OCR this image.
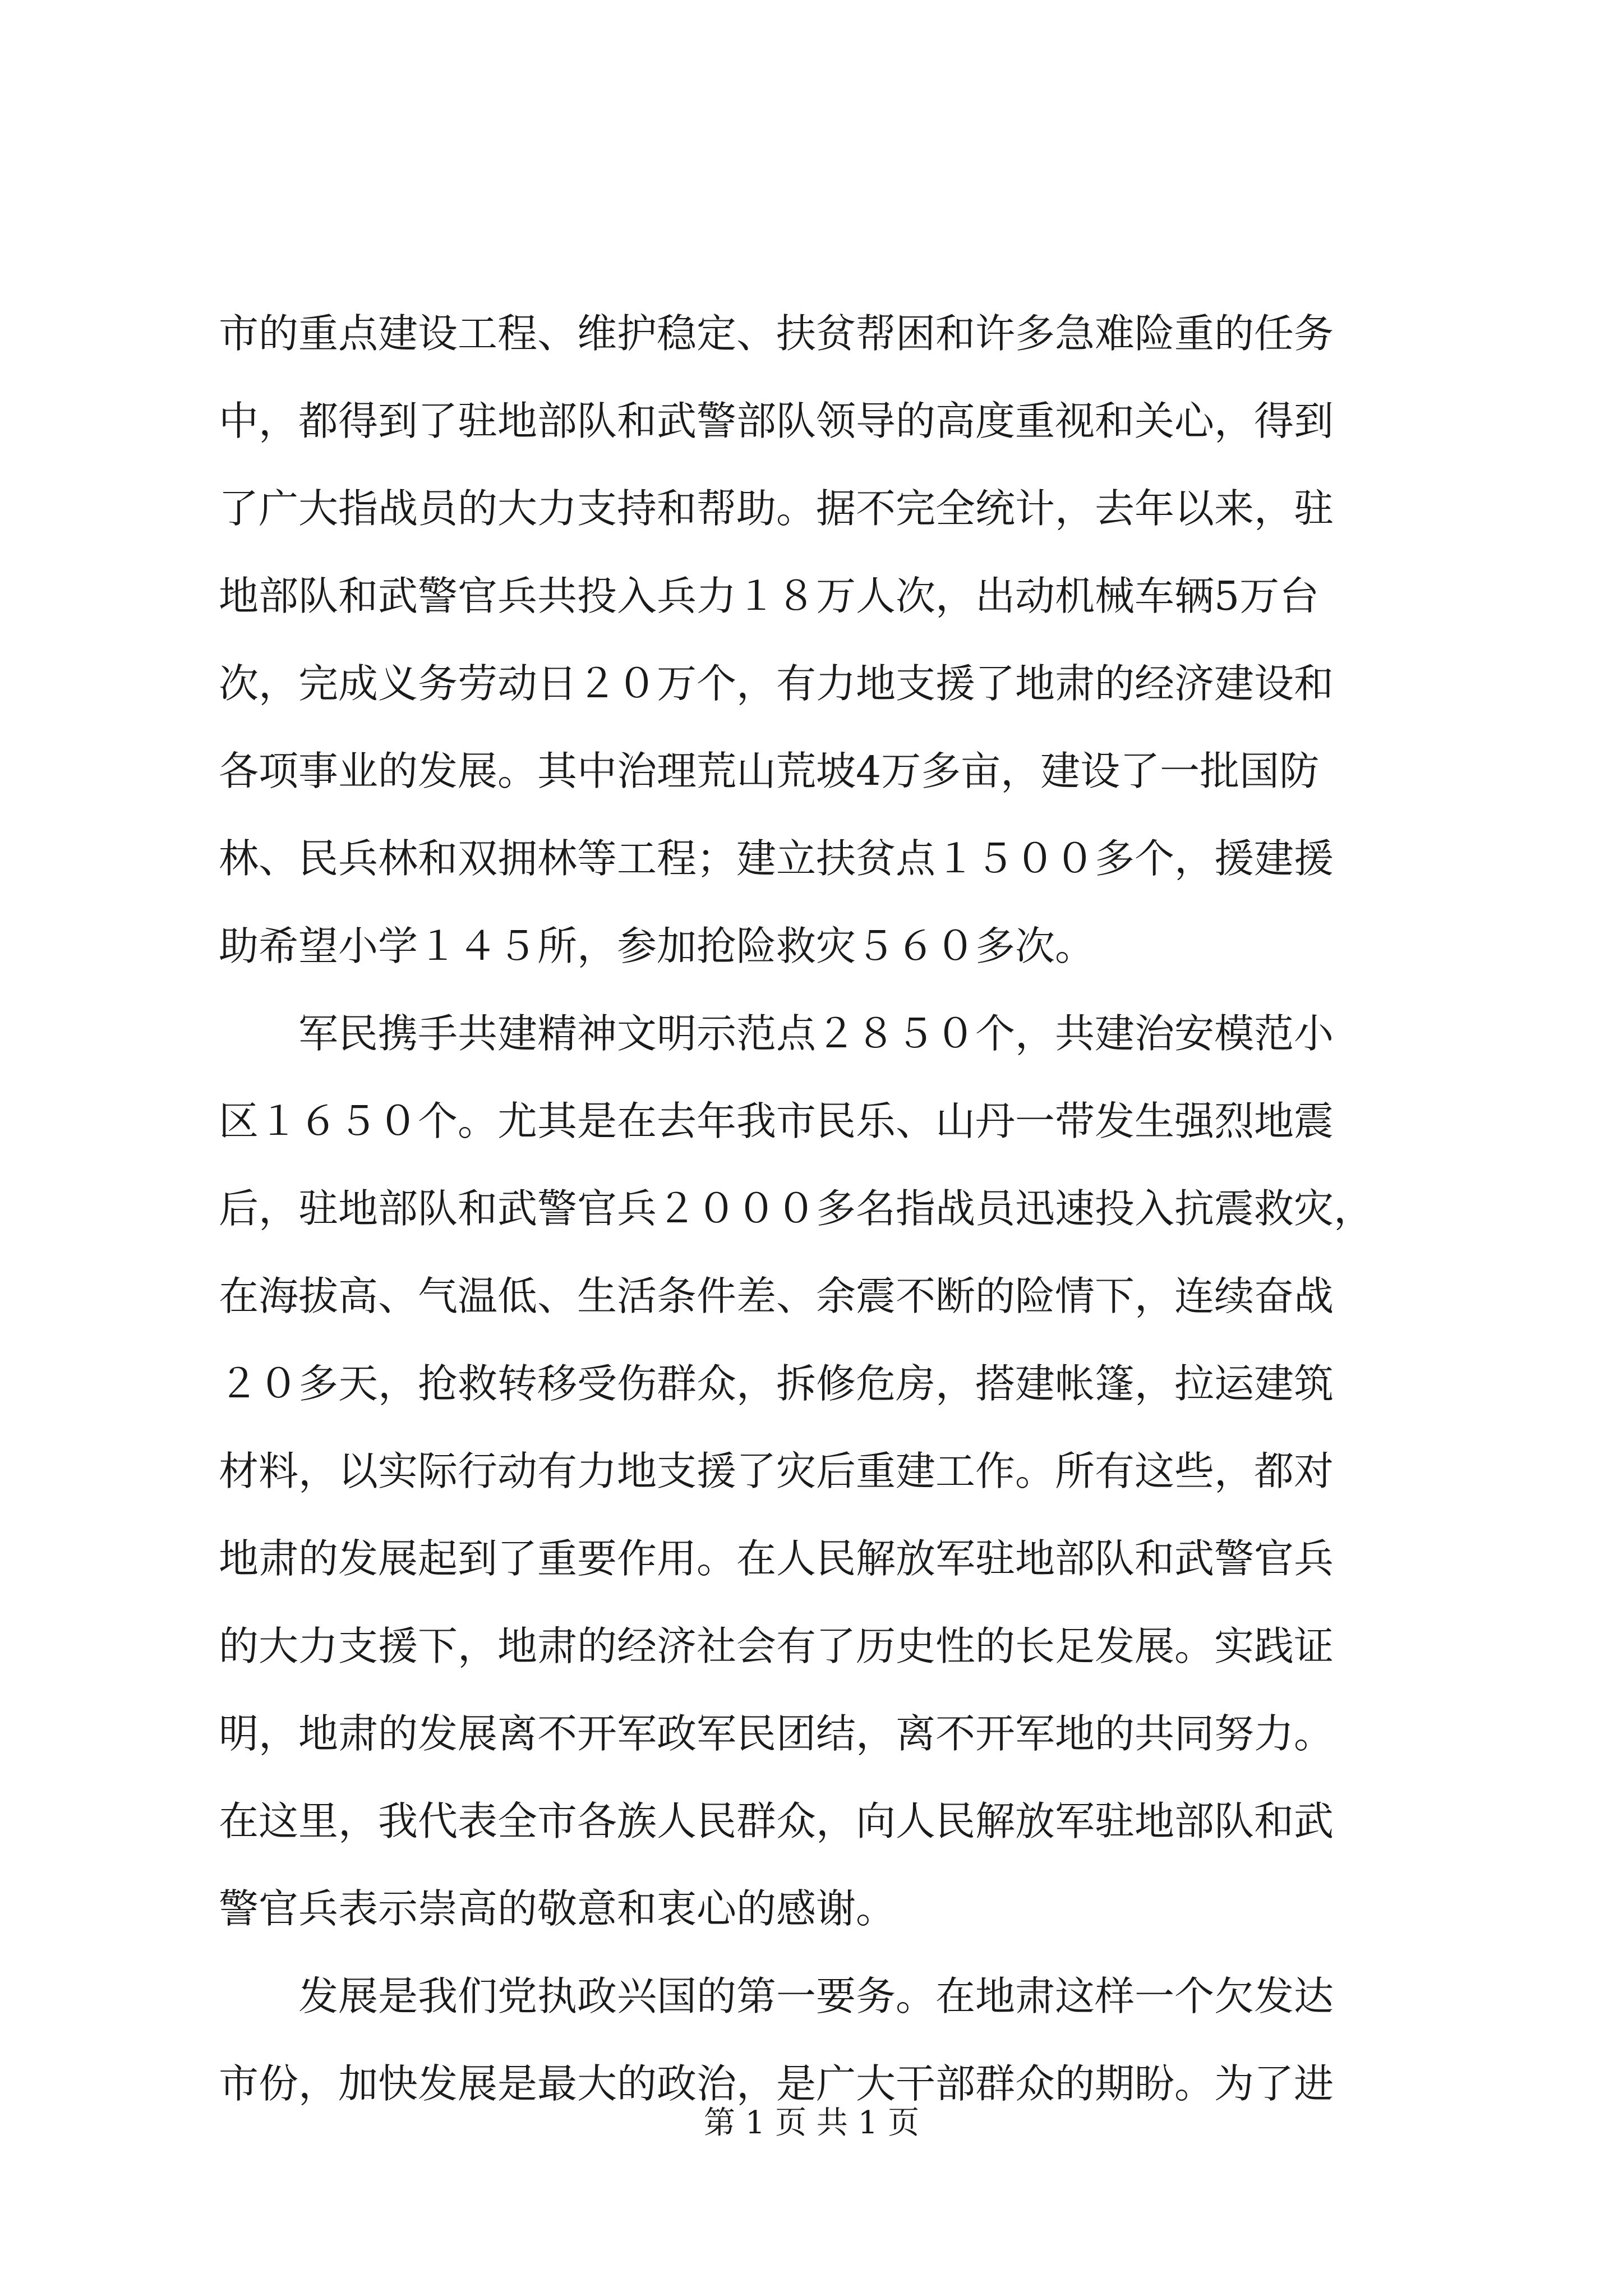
市的重点建设工程、维护稳定、扶贫帮困和许多急难险重的任务
中，都得到了驻地部队和武警部队领导的高度重视和关心，得到
了广大指战员的大力支持和帮助。据不完全统计，去年以来，驻
地部队和武警官兵共投入兵力１８万人次，出动机械车辆5万台
次，完成义务劳动日２０万个，有力地支援了地肃的经济建设和
各项事业的发展。其中治理荒山荒坡4万多亩，建设了一批国防
林、民兵林和双拥林等工程；建立扶贫点１５００多个，援建援
助希望小学１４５所，参加抢险救灾５６０多次。
军民携手共建精神文明示范点２８５０个，共建治安模范小
区１６５０个。尤其是在去年我市民乐、山丹一带发生强烈地震
后，驻地部队和武警官兵２０００多名指战员迅速投入抗震救灾，
在海拔高、气温低、生活条件差、余震不断的险情下，连续奋战
２０多天，抢救转移受伤群众，拆修危房，搭建帐篷，拉运建筑
材料，以实际行动有力地支援了灾后重建工作。所有这些，都对
地肃的发展起到了重要作用。在人民解放军驻地部队和武警官兵
的大力支援下，地肃的经济社会有了历史性的长足发展。实践证
明，地肃的发展离不开军政军民团结，离不开军地的共同努力。
在这里，我代表全市各族人民群众，向人民解放军驻地部队和武
警官兵表示崇高的敬意和衷心的感谢。
发展是我们党执政兴国的第一要务。在地肃这样一个欠发达
市份，加快发展是最大的政治，是广大干部群众的期盼。为了进
第 1 页 共 1 页
